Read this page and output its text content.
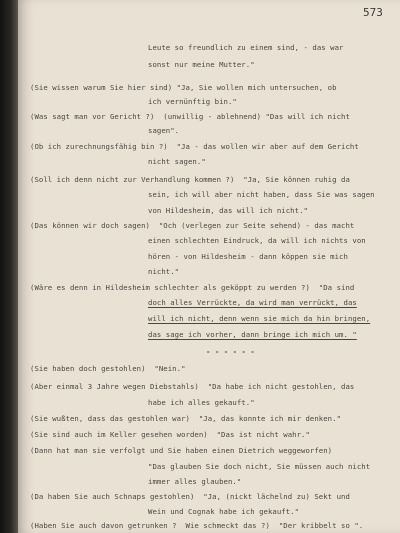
573
Leute so freundlich zu einem sind, - das war
sonst nur meine Mutter."
(Sie wissen warum Sie hier sind) "Ja, Sie wollen mich untersuchen, ob
ich vernünftig bin."
(Was sagt man vor Gericht ?)  (unwillig - ablehnend) "Das will ich nicht
sagen".
(Ob ich zurechnungsfähig bin ?)  "Ja - das wollen wir aber auf dem Gericht
nicht sagen."
(Soll ich denn nicht zur Verhandlung kommen ?)  "Ja, Sie können ruhig da
sein, ich will aber nicht haben, dass Sie was sagen
von Hildesheim, das will ich nicht."
(Das können wir doch sagen)  "Och (verlegen zur Seite sehend) - das macht
einen schlechten Eindruck, da will ich nichts von
hören - von Hildesheim - dann köppen sie mich
nicht."
(Wäre es denn in Hildesheim schlechter als geköppt zu werden ?)  "Da sind
doch alles Verrückte, da wird man verrückt, das
will ich nicht, denn wenn sie mich da hin bringen,
das sage ich vorher, dann bringe ich mich um. "
- - - - - -
(Sie haben doch gestohlen)  "Nein."
(Aber einmal 3 Jahre wegen Diebstahls)  "Da habe ich nicht gestohlen, das
habe ich alles gekauft."
(Sie wußten, dass das gestohlen war)  "Ja, das konnte ich mir denken."
(Sie sind auch im Keller gesehen worden)  "Das ist nicht wahr."
(Dann hat man sie verfolgt und Sie haben einen Dietrich weggeworfen)
"Das glauben Sie doch nicht, Sie müssen auch nicht
immer alles glauben."
(Da haben Sie auch Schnaps gestohlen)  "Ja, (nickt lächelnd zu) Sekt und
Wein und Cognak habe ich gekauft."
(Haben Sie auch davon getrunken ?  Wie schmeckt das ?)  "Der kribbelt so ".
